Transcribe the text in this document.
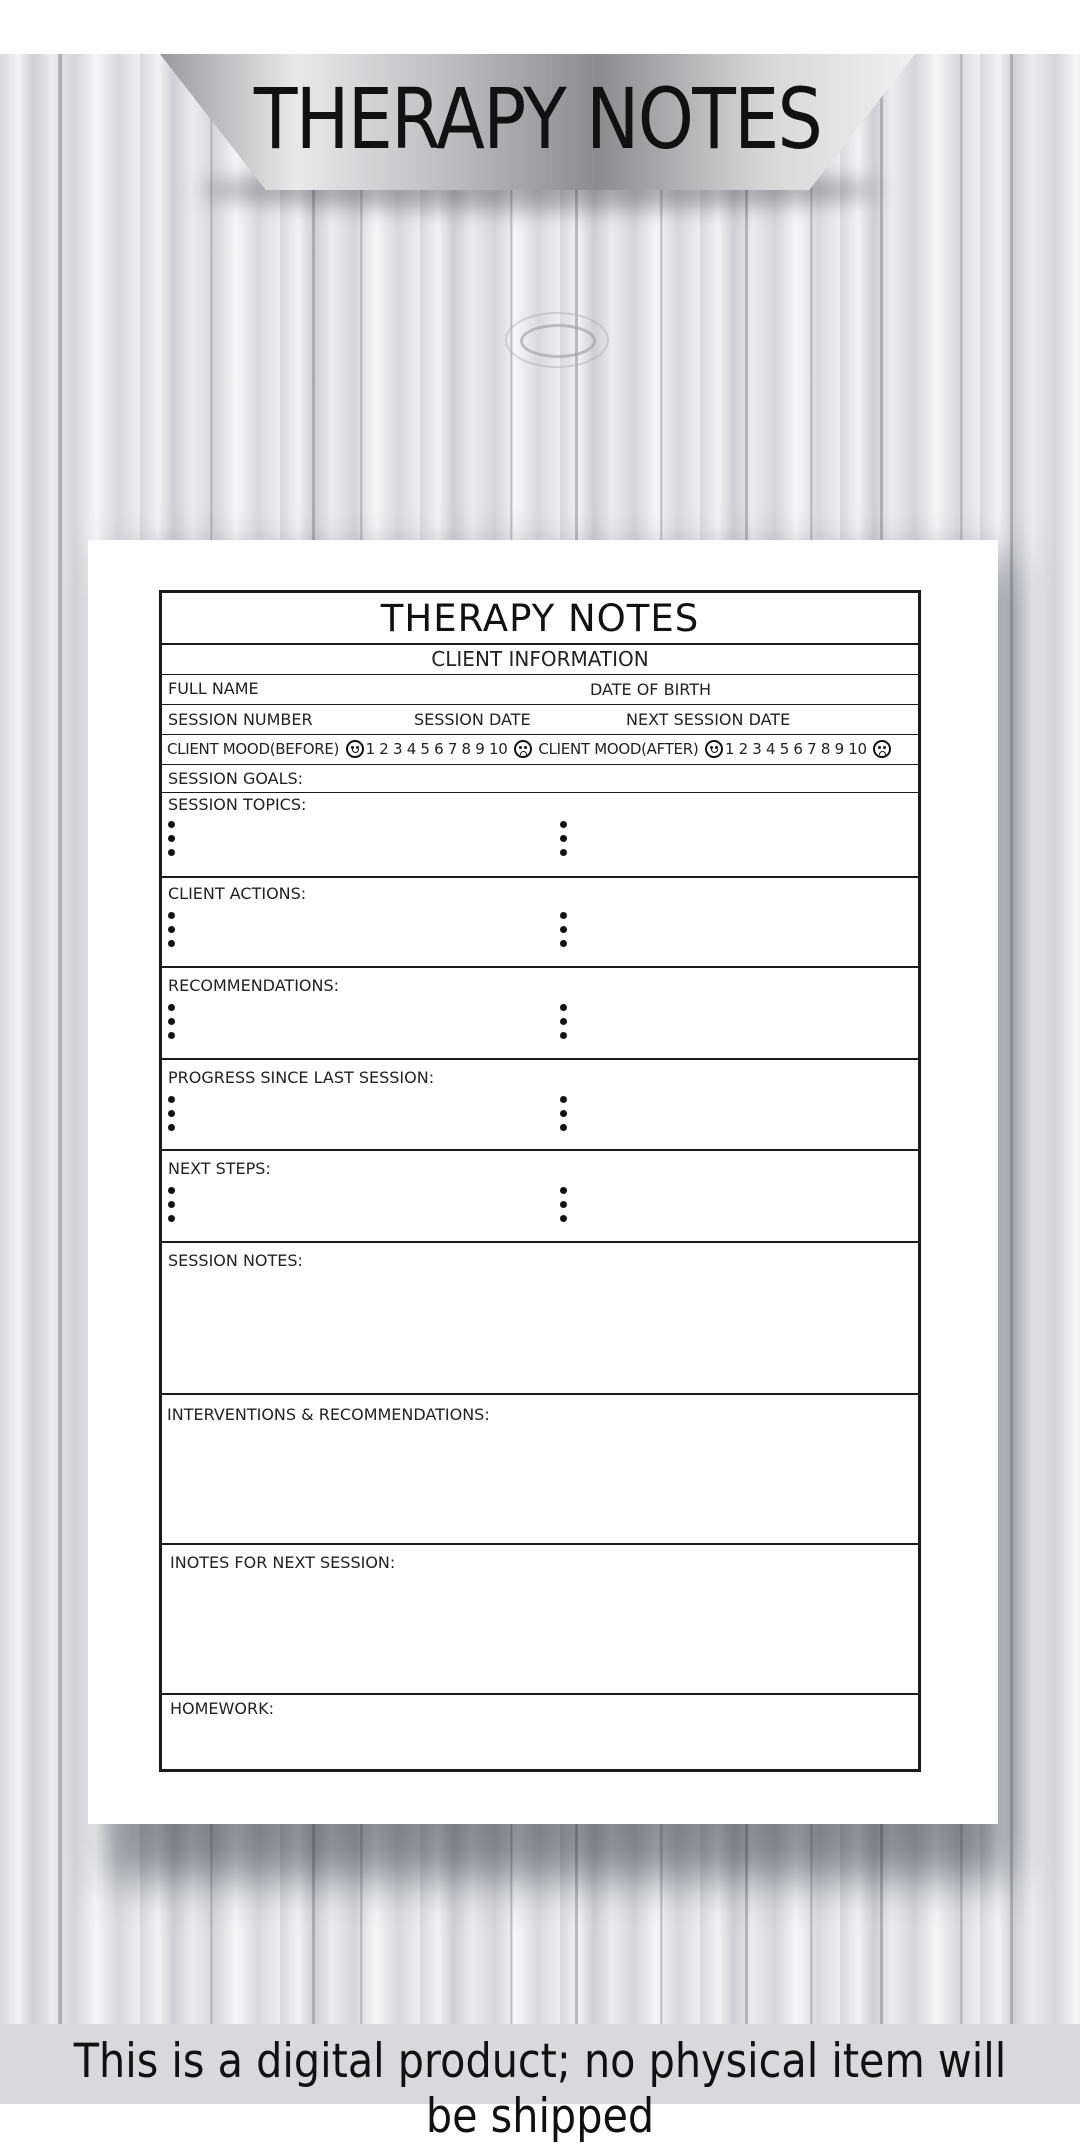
THERAPY NOTES
THERAPY NOTES
CLIENT INFORMATION
FULL NAME	DATE OF BIRTH
SESSION NUMBER	SESSION DATE	NEXT SESSION DATE
CLIENT MOOD(BEFORE) 1 2 3 4 5 6 7 8 9 10 CLIENT MOOD(AFTER) 1 2 3 4 5 6 7 8 9 10
SESSION GOALS:
SESSION TOPICS:
CLIENT ACTIONS:
RECOMMENDATIONS:
PROGRESS SINCE LAST SESSION:
NEXT STEPS:
SESSION NOTES:
INTERVENTIONS & RECOMMENDATIONS:
INOTES FOR NEXT SESSION:
HOMEWORK:
This is a digital product; no physical item will be shipped
